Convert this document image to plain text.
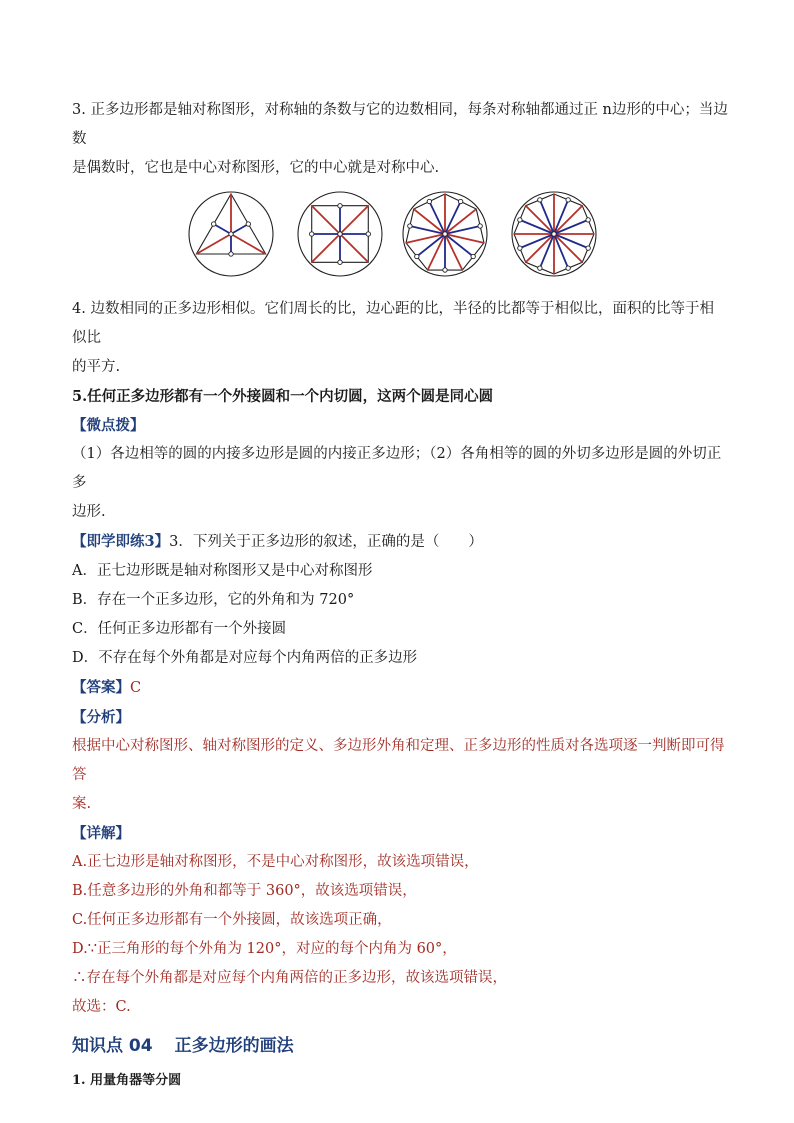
3. 正多边形都是轴对称图形，对称轴的条数与它的边数相同，每条对称轴都通过正 n边形的中心；当边数

是偶数时，它也是中心对称图形，它的中心就是对称中心.

4. 边数相同的正多边形相似。它们周长的比，边心距的比，半径的比都等于相似比，面积的比等于相似比

的平方.

5.任何正多边形都有一个外接圆和一个内切圆，这两个圆是同心圆

【微点拨】

（1）各边相等的圆的内接多边形是圆的内接正多边形；（2）各角相等的圆的外切多边形是圆的外切正多

边形.

【即学即练3】3．下列关于正多边形的叙述，正确的是（　　）

A．正七边形既是轴对称图形又是中心对称图形

B．存在一个正多边形，它的外角和为 720°

C．任何正多边形都有一个外接圆

D．不存在每个外角都是对应每个内角两倍的正多边形

【答案】C

【分析】

根据中心对称图形、轴对称图形的定义、多边形外角和定理、正多边形的性质对各选项逐一判断即可得答

案.

【详解】

A.正七边形是轴对称图形，不是中心对称图形，故该选项错误，

B.任意多边形的外角和都等于 360°，故该选项错误，

C.任何正多边形都有一个外接圆，故该选项正确，

D.∵正三角形的每个外角为 120°，对应的每个内角为 60°，

∴存在每个外角都是对应每个内角两倍的正多边形，故该选项错误，

故选：C.

知识点 04 正多边形的画法

1. 用量角器等分圆
